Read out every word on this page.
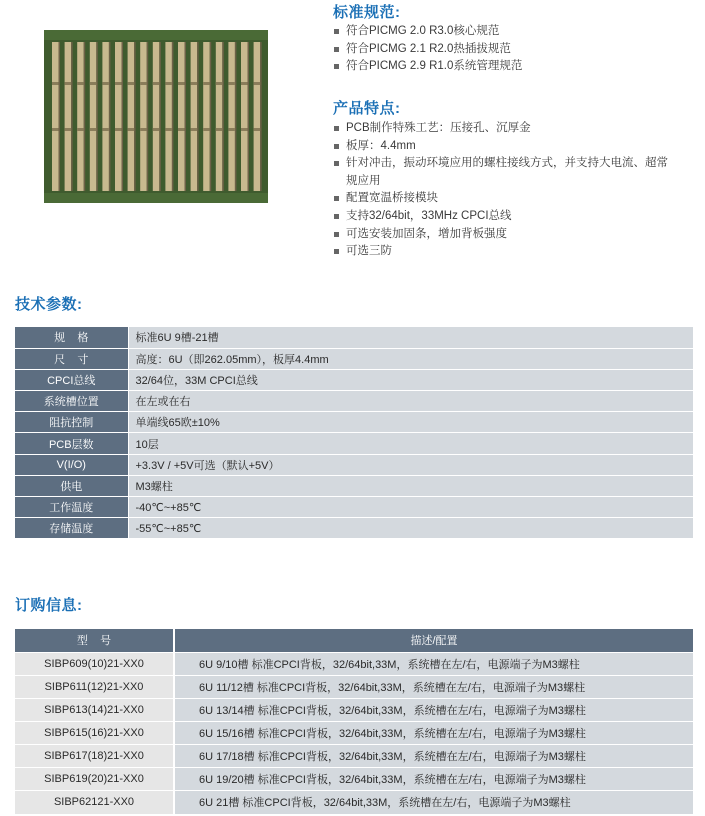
标准规范:
符合PICMG 2.0 R3.0核心规范
符合PICMG 2.1 R2.0热插拔规范
符合PICMG 2.9 R1.0系统管理规范
产品特点:
PCB制作特殊工艺：压接孔、沉厚金
板厚：4.4mm
针对冲击，振动环境应用的螺柱接线方式，并支持大电流、超常规应用
配置宽温桥接模块
支持32/64bit，33MHz CPCI总线
可选安装加固条，增加背板强度
可选三防
技术参数:
规    格	标准6U 9槽-21槽
尺    寸	高度：6U（即262.05mm），板厚4.4mm
CPCI总线	32/64位，33M CPCI总线
系统槽位置	在左或在右
阻抗控制	单端线65欧±10%
PCB层数	10层
V(I/O)	+3.3V / +5V可选（默认+5V）
供电	M3螺柱
工作温度	-40℃~+85℃
存储温度	-55℃~+85℃
订购信息:
型    号	描述/配置
SIBP609(10)21-XX0	6U 9/10槽 标准CPCI背板，32/64bit,33M，系统槽在左/右，电源端子为M3螺柱
SIBP611(12)21-XX0	6U 11/12槽 标准CPCI背板，32/64bit,33M，系统槽在左/右，电源端子为M3螺柱
SIBP613(14)21-XX0	6U 13/14槽 标准CPCI背板，32/64bit,33M，系统槽在左/右，电源端子为M3螺柱
SIBP615(16)21-XX0	6U 15/16槽 标准CPCI背板，32/64bit,33M，系统槽在左/右，电源端子为M3螺柱
SIBP617(18)21-XX0	6U 17/18槽 标准CPCI背板，32/64bit,33M，系统槽在左/右，电源端子为M3螺柱
SIBP619(20)21-XX0	6U 19/20槽 标准CPCI背板，32/64bit,33M，系统槽在左/右，电源端子为M3螺柱
SIBP62121-XX0	6U 21槽 标准CPCI背板，32/64bit,33M，系统槽在左/右，电源端子为M3螺柱
